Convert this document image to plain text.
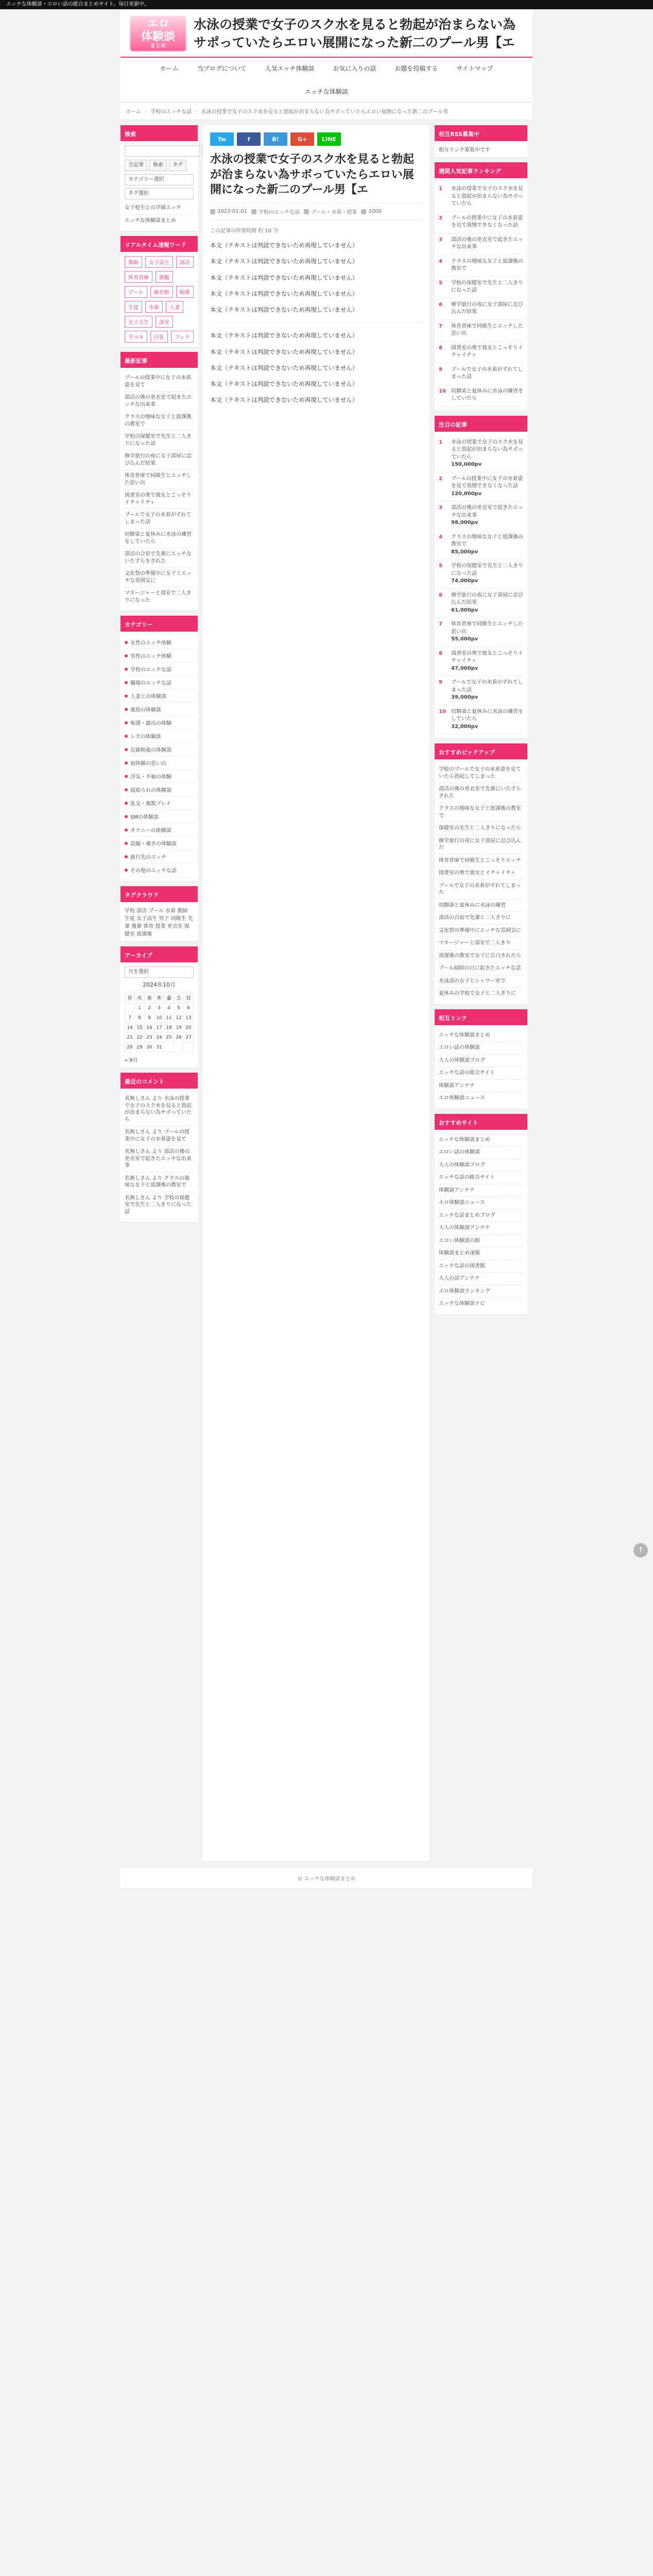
エッチな体験談・エロい話の総合まとめサイト。毎日更新中。
エロ
体験談
まとめ
水泳の授業で女子のスク水を見ると勃起が治まらない為サポっていたらエロい展開になった新二のプール男【エ
ホーム	当ブログについて	人気エッチ体験談	お気に入りの話	お題を投稿する	サイトマップ
エッチな体験談
ホーム › 学校のエッチな話 › 水泳の授業で女子のスク水を見ると勃起が治まらない為サポっていたらエロい展開になった新二のプール男
検索
全記事	検索	タグ
カテゴリー選択
タグ選択
女子校生との学園エッチ
エッチな体験談まとめ
リアルタイム速報ワード
教師	女子高生	部活
体育倉庫	制服
プール	体育館	痴漢
生徒	水着	人妻
女子大生	部室
手コキ	巨乳	フェラ
最新記事
プールの授業中に女子の水着姿を見て
部活の後の更衣室で起きたエッチな出来事
クラスの地味な女子と放課後の教室で
学校の保健室で先生と二人きりになった話
修学旅行の夜に女子部屋に忍び込んだ結果
体育倉庫で同級生とエッチした思い出
図書室の奥で彼女とこっそりイチャイチャ
プールで女子の水着がずれてしまった話
幼馴染と夏休みに水泳の練習をしていたら
部活の合宿で先輩にエッチないたずらをされた
文化祭の準備中に女子とエッチな雰囲気に
マネージャーと部室で二人きりになった
カテゴリー
女性のエッチ体験
男性のエッチ体験
学校のエッチな話
職場のエッチな話
人妻との体験談
風俗の体験談
痴漢・露出の体験
レズの体験談
近親相姦の体験談
初体験の思い出
浮気・不倫の体験
寝取られの体験談
乱交・複数プレイ
SMの体験談
オナニーの体験談
盗撮・覗きの体験談
旅行先のエッチ
その他のエッチな話
タグクラウド
学校 部活 プール 水着 教師 生徒 女子高生 男子 同級生 先輩 後輩 体育 授業 更衣室 保健室 放課後
アーカイブ
月を選択
2024年10月
月	火	水	木	金	土	日
	1	2	3	4	5	6
7	8	9	10	11	12	13
14	15	16	17	18	19	20
21	22	23	24	25	26	27
28	29	30	31			
« 9月
最近のコメント
名無しさん より 水泳の授業で女子のスク水を見ると勃起が治まらない為サボっていたら
名無しさん より プールの授業中に女子の水着姿を見て
名無しさん より 部活の後の更衣室で起きたエッチな出来事
名無しさん より クラスの地味な女子と放課後の教室で
名無しさん より 学校の保健室で先生と二人きりになった話
Tw	f	B!	G+	LINE
水泳の授業で女子のスク水を見ると勃起が治まらない為サボっていたらエロい展開になった新二のプール男【エ
2022-01-01 学校のエッチな話 プール・水着・授業 1000
この記事の所要時間 約 10 分

本文（テキストは判読できないため再現していません）

本文（テキストは判読できないため再現していません）

本文（テキストは判読できないため再現していません）

本文（テキストは判読できないため再現していません）

本文（テキストは判読できないため再現していません）

本文（テキストは判読できないため再現していません）

本文（テキストは判読できないため再現していません）

本文（テキストは判読できないため再現していません）

本文（テキストは判読できないため再現していません）

本文（テキストは判読できないため再現していません）

相互RSS募集中
相互リンク募集中です
週間人気記事ランキング
1	水泳の授業で女子のスク水を見ると勃起が治まらない為サボっていたら
2	プールの授業中に女子の水着姿を見て我慢できなくなった話
3	部活の後の更衣室で起きたエッチな出来事
4	クラスの地味な女子と放課後の教室で
5	学校の保健室で先生と二人きりになった話
6	修学旅行の夜に女子部屋に忍び込んだ結果
7	体育倉庫で同級生とエッチした思い出
8	図書室の奥で彼女とこっそりイチャイチャ
9	プールで女子の水着がずれてしまった話
10	幼馴染と夏休みに水泳の練習をしていたら
注目の記事
1	水泳の授業で女子のスク水を見ると勃起が治まらない為サボっていたら
150,000pv
2	プールの授業中に女子の水着姿を見て我慢できなくなった話
120,000pv
3	部活の後の更衣室で起きたエッチな出来事
98,000pv
4	クラスの地味な女子と放課後の教室で
85,000pv
5	学校の保健室で先生と二人きりになった話
74,000pv
6	修学旅行の夜に女子部屋に忍び込んだ結果
61,000pv
7	体育倉庫で同級生とエッチした思い出
55,000pv
8	図書室の奥で彼女とこっそりイチャイチャ
47,000pv
9	プールで女子の水着がずれてしまった話
39,000pv
10	幼馴染と夏休みに水泳の練習をしていたら
32,000pv
おすすめピックアップ
学校のプールで女子の水着姿を見ていたら勃起してしまった
部活の後の更衣室で先輩にいたずらされた
クラスの地味な女子と放課後の教室で
保健室の先生と二人きりになったら
修学旅行の夜に女子部屋に忍び込んだ
体育倉庫で同級生とこっそりエッチ
図書室の奥で彼女とイチャイチャ
プールで女子の水着がずれてしまった
幼馴染と夏休みに水泳の練習
部活の合宿で先輩と二人きりに
文化祭の準備中にエッチな雰囲気に
マネージャーと部室で二人きり
放課後の教室で女子に告白されたら
プール掃除の日に起きたエッチな話
水泳部の女子とシャワー室で
夏休みの学校で女子と二人きりに
相互リンク
エッチな体験談まとめ
エロい話の体験談
大人の体験談ブログ
エッチな話の総合サイト
体験談アンテナ
エロ体験談ニュース
おすすめサイト
エッチな体験談まとめ
エロい話の体験談
大人の体験談ブログ
エッチな話の総合サイト
体験談アンテナ
エロ体験談ニュース
エッチな話まとめブログ
大人の体験談アンテナ
エロい体験談の館
体験談まとめ速報
エッチな話の図書館
大人の話アンテナ
エロ体験談ランキング
エッチな体験談ナビ
© エッチな体験談まとめ
↑
